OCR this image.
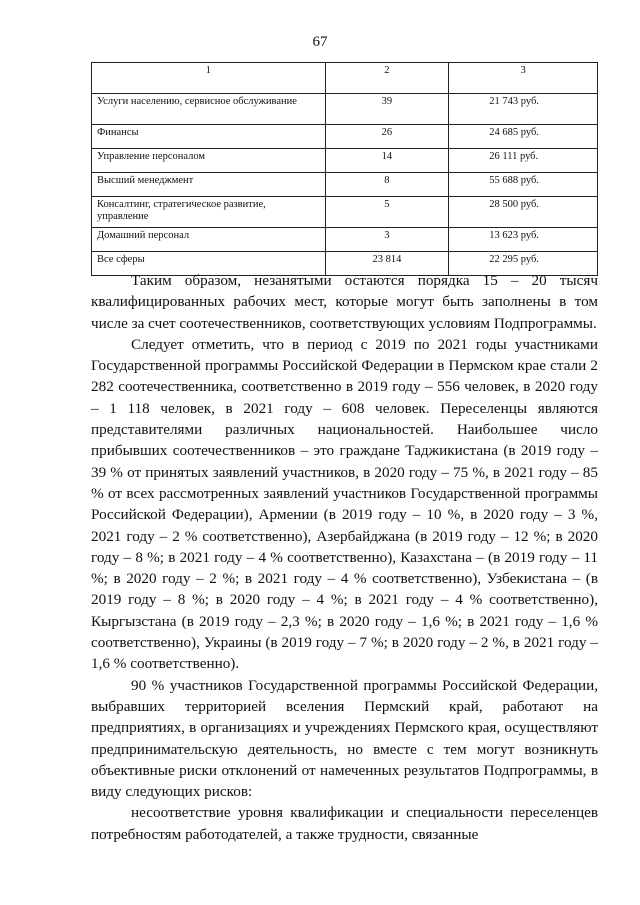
67
1	2	3
Услуги населению, сервисное обслуживание	39	21 743 руб.
Финансы	26	24 685 руб.
Управление персоналом	14	26 111 руб.
Высший менеджмент	8	55 688 руб.
Консалтинг, стратегическое развитие, управление	5	28 500 руб.
Домашний персонал	3	13 623 руб.
Все сферы	23 814	22 295 руб.

Таким образом, незанятыми остаются порядка 15 – 20 тысяч квалифицированных рабочих мест, которые могут быть заполнены в том числе за счет соотечественников, соответствующих условиям Подпрограммы.

Следует отметить, что в период с 2019 по 2021 годы участниками Государственной программы Российской Федерации в Пермском крае стали 2 282 соотечественника, соответственно в 2019 году – 556 человек, в 2020 году – 1 118 человек, в 2021 году – 608 человек. Переселенцы являются представителями различных национальностей. Наибольшее число прибывших соотечественников – это граждане Таджикистана (в 2019 году – 39 % от принятых заявлений участников, в 2020 году – 75 %, в 2021 году – 85 % от всех рассмотренных заявлений участников Государственной программы Российской Федерации), Армении (в 2019 году – 10 %, в 2020 году – 3 %, 2021 году – 2 % соответственно), Азербайджана (в 2019 году – 12 %; в 2020 году – 8 %; в 2021 году – 4 % соответственно), Казахстана – (в 2019 году – 11 %; в 2020 году – 2 %; в 2021 году – 4 % соответственно), Узбекистана – (в 2019 году – 8 %; в 2020 году – 4 %; в 2021 году – 4 % соответственно), Кыргызстана (в 2019 году – 2,3 %; в 2020 году – 1,6 %; в 2021 году – 1,6 % соответственно), Украины (в 2019 году – 7 %; в 2020 году – 2 %, в 2021 году – 1,6 % соответственно).

90 % участников Государственной программы Российской Федерации, выбравших территорией вселения Пермский край, работают на предприятиях, в организациях и учреждениях Пермского края, осуществляют предпринимательскую деятельность, но вместе с тем могут возникнуть объективные риски отклонений от намеченных результатов Подпрограммы, в виду следующих рисков:

несоответствие уровня квалификации и специальности переселенцев потребностям работодателей, а также трудности, связанные
